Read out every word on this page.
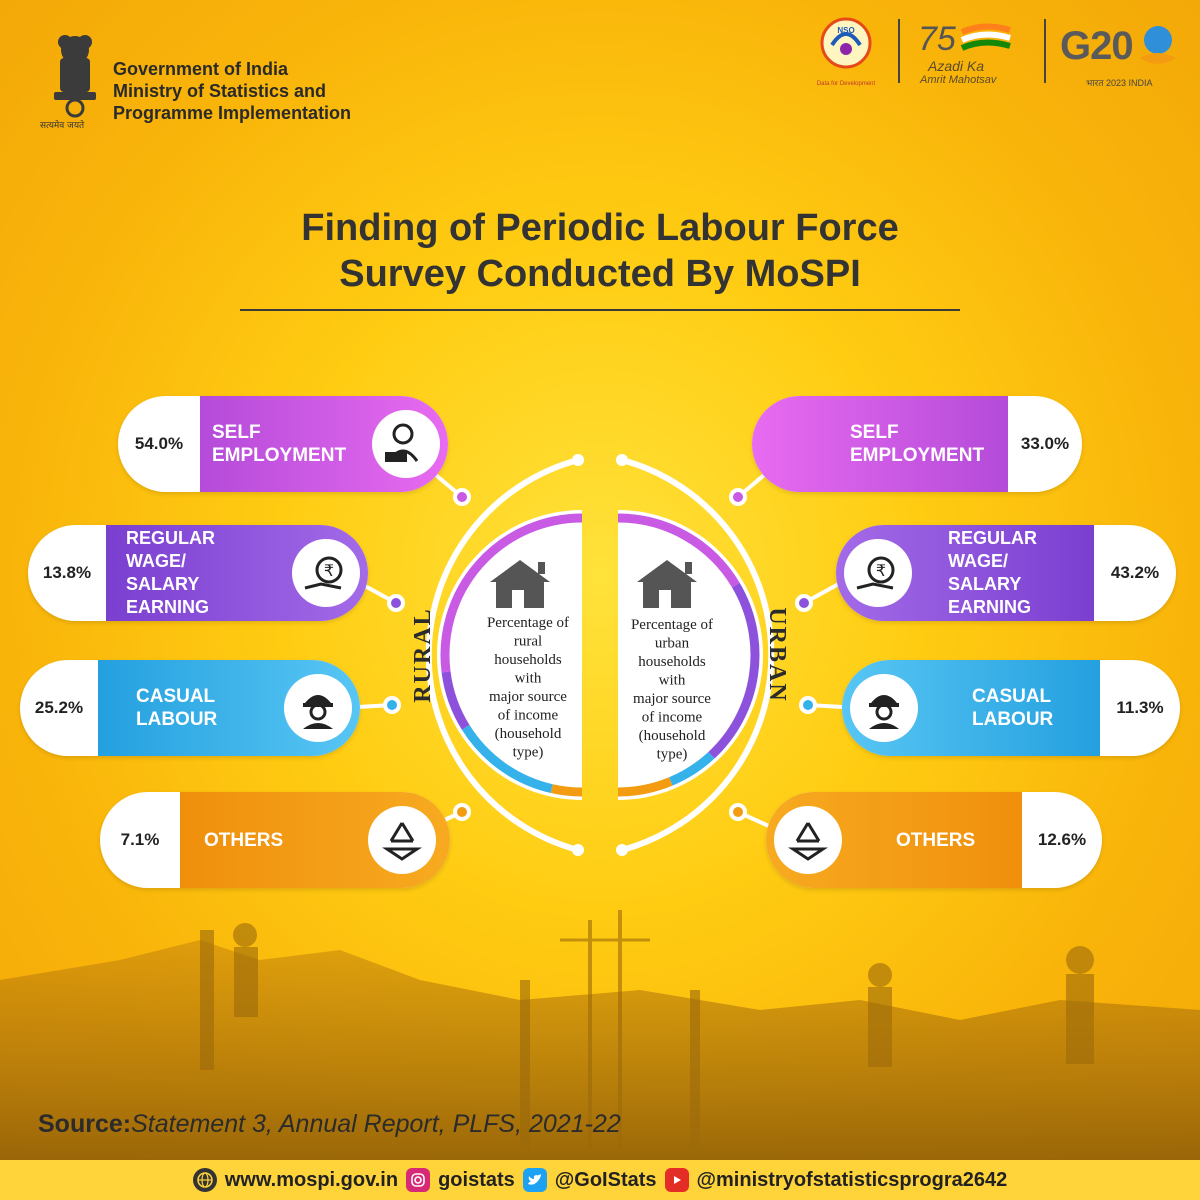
सत्यमेव जयते
Government of India
Ministry of Statistics and
Programme Implementation
NSO
Data for Development
75
Azadi Ka
Amrit Mahotsav
G20
भारत 2023 INDIA
Finding of Periodic Labour Force
Survey Conducted By MoSPI
RURAL	URBAN
Percentage of rural households with major source of income (household type)
Percentage of urban households with major source of income (household type)
54.0%
SELF
EMPLOYMENT
13.8%
REGULAR
WAGE/
SALARY
EARNING
₹
25.2%
CASUAL
LABOUR
7.1%	OTHERS
SELF
EMPLOYMENT
33.0%
REGULAR
WAGE/
SALARY
EARNING
₹	43.2%
CASUAL
LABOUR
11.3%
OTHERS	12.6%
Source:Statement 3, Annual Report, PLFS, 2021-22
www.mospi.gov.in goistats @GoIStats @ministryofstatisticsprogra2642
